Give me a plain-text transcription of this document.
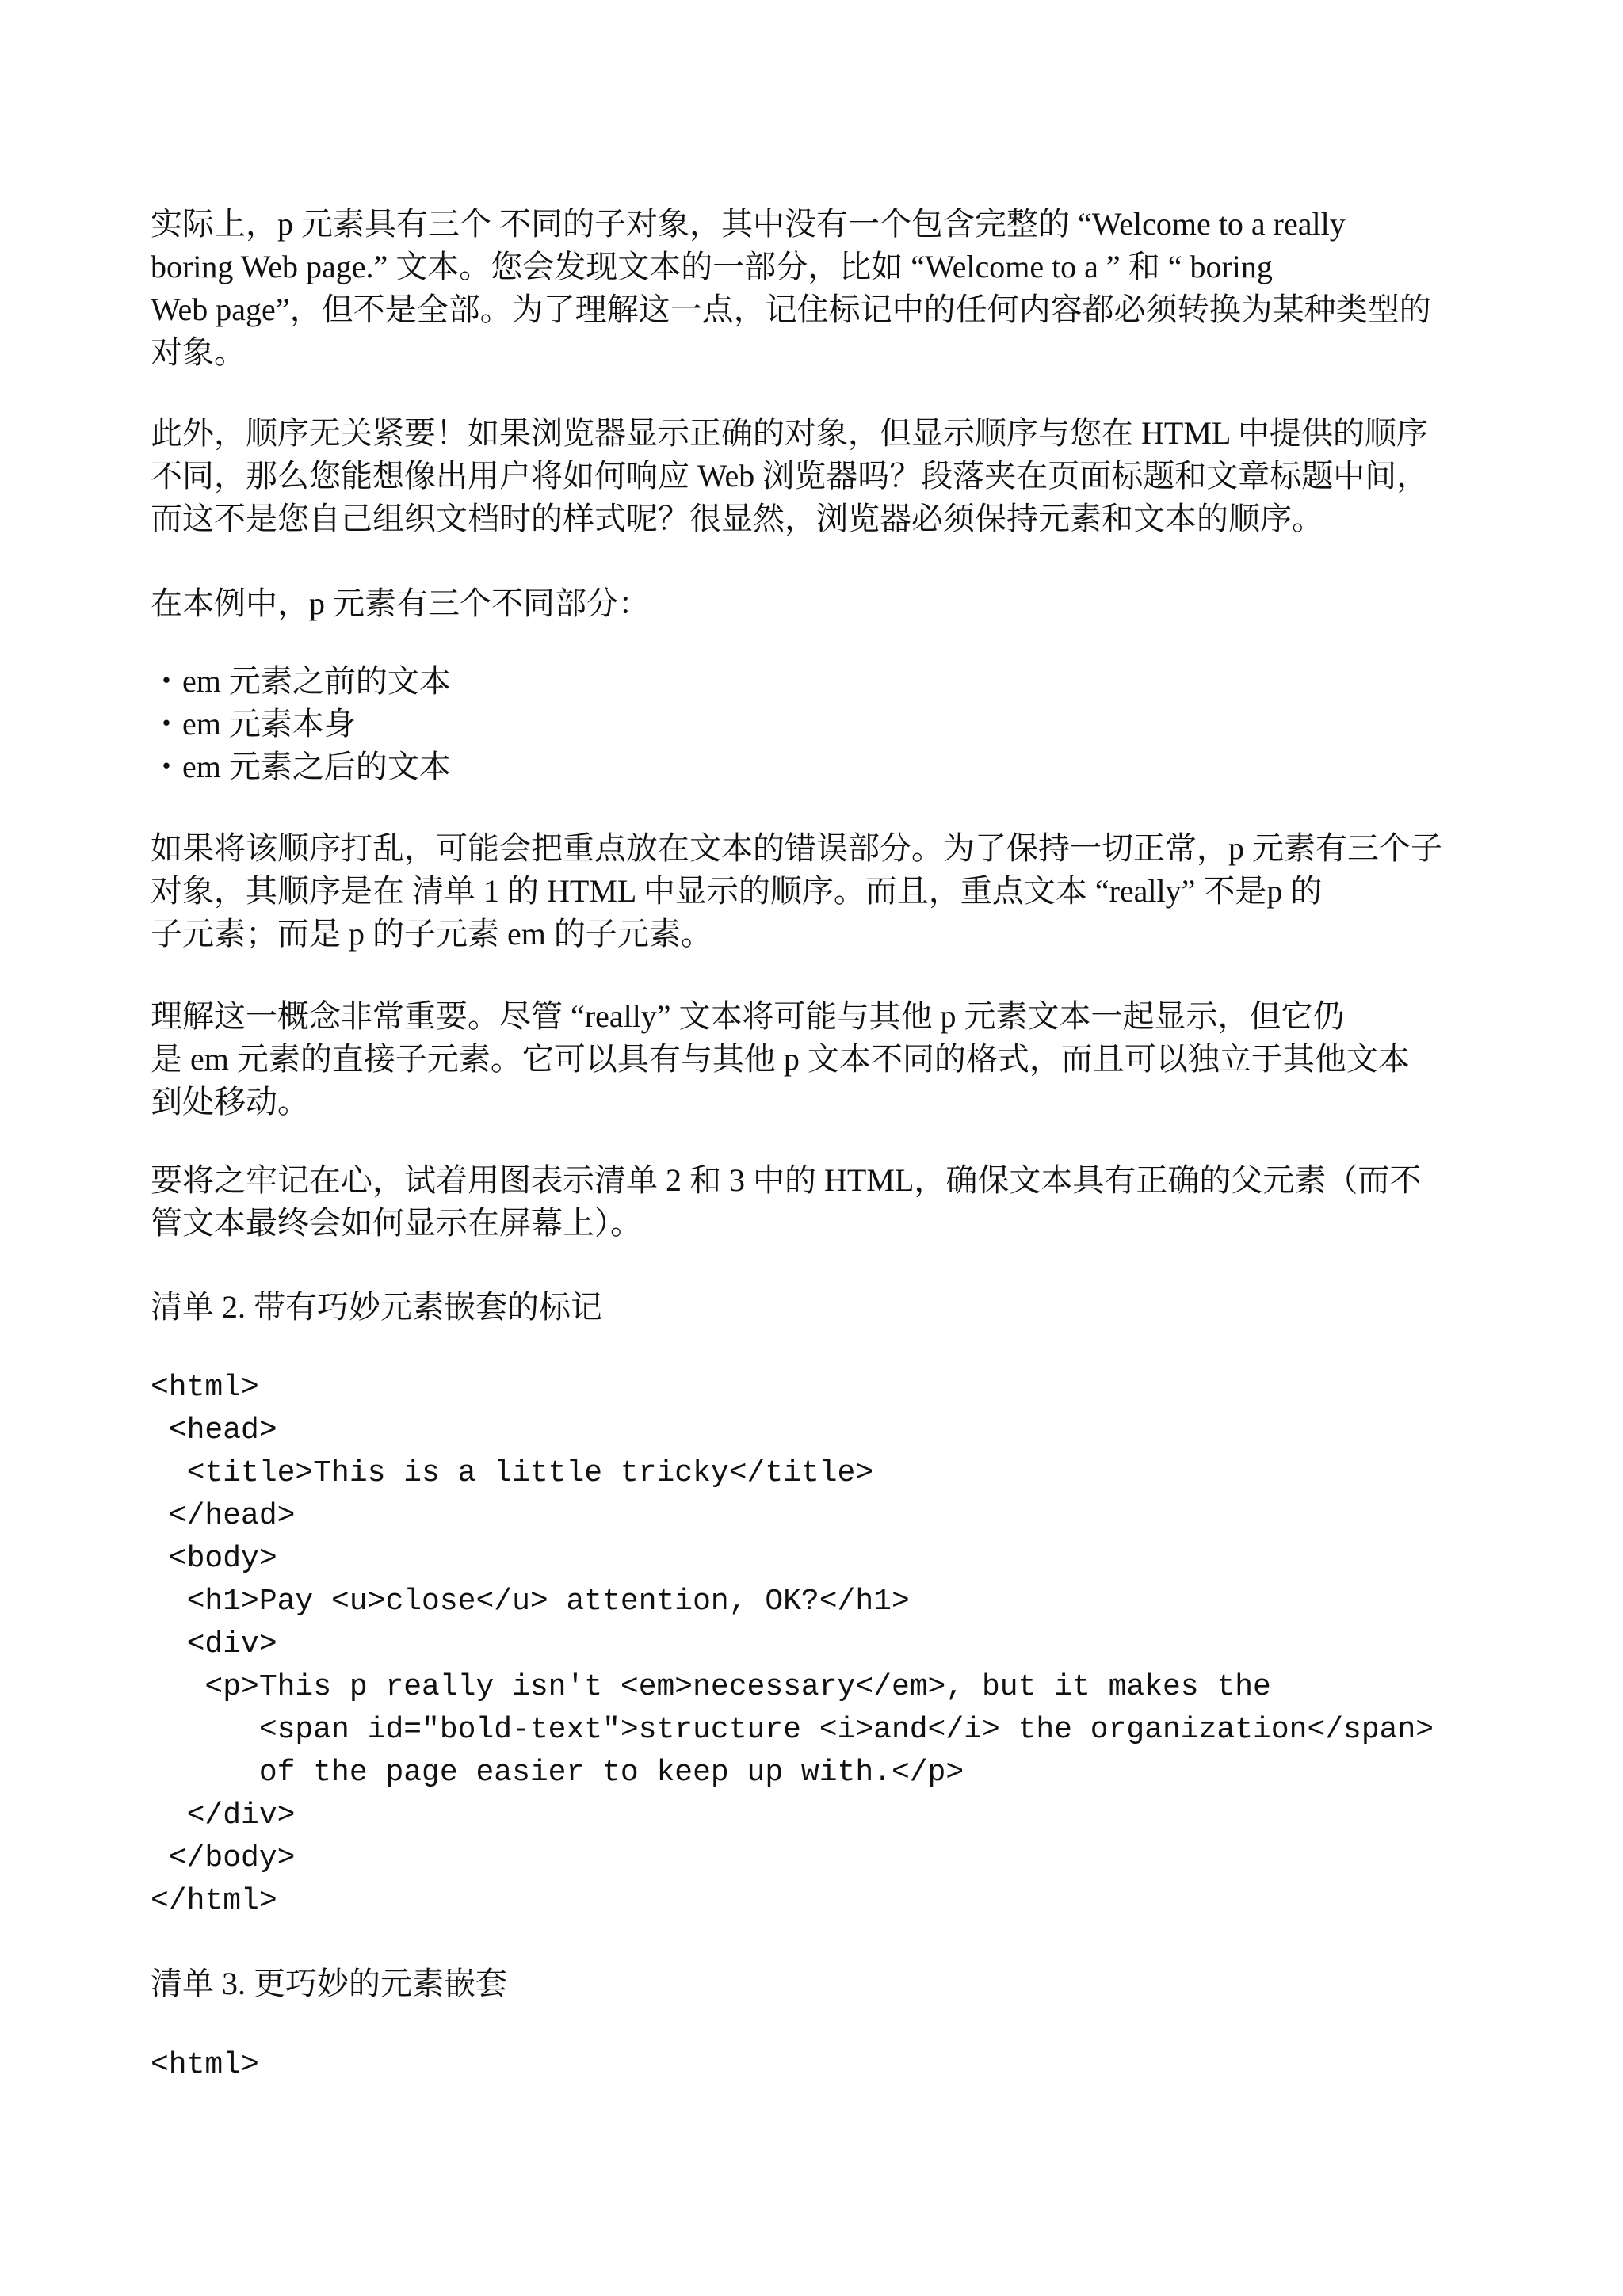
实际上，p 元素具有三个 不同的子对象，其中没有一个包含完整的 “Welcome to a really
boring Web page.” 文本。您会发现文本的一部分，比如 “Welcome to a ” 和 “ boring
Web page”，但不是全部。为了理解这一点，记住标记中的任何内容都必须转换为某种类型的
对象。
此外，顺序无关紧要！如果浏览器显示正确的对象，但显示顺序与您在 HTML 中提供的顺序
不同，那么您能想像出用户将如何响应 Web 浏览器吗？段落夹在页面标题和文章标题中间，
而这不是您自己组织文档时的样式呢？很显然，浏览器必须保持元素和文本的顺序。
在本例中，p 元素有三个不同部分：
・em 元素之前的文本
・em 元素本身
・em 元素之后的文本
如果将该顺序打乱，可能会把重点放在文本的错误部分。为了保持一切正常，p 元素有三个子
对象，其顺序是在 清单 1 的 HTML 中显示的顺序。而且，重点文本 “really” 不是p 的
子元素；而是 p 的子元素 em 的子元素。
理解这一概念非常重要。尽管 “really” 文本将可能与其他 p 元素文本一起显示，但它仍
是 em 元素的直接子元素。它可以具有与其他 p 文本不同的格式，而且可以独立于其他文本
到处移动。
要将之牢记在心，试着用图表示清单 2 和 3 中的 HTML，确保文本具有正确的父元素（而不
管文本最终会如何显示在屏幕上）。
清单 2. 带有巧妙元素嵌套的标记
<html>
<head>
<title>This is a little tricky</title>
</head>
<body>
<h1>Pay <u>close</u> attention, OK?</h1>
<div>
<p>This p really isn't <em>necessary</em>, but it makes the
<span id="bold-text">structure <i>and</i> the organization</span>
of the page easier to keep up with.</p>
</div>
</body>
</html>
清单 3. 更巧妙的元素嵌套
<html>
